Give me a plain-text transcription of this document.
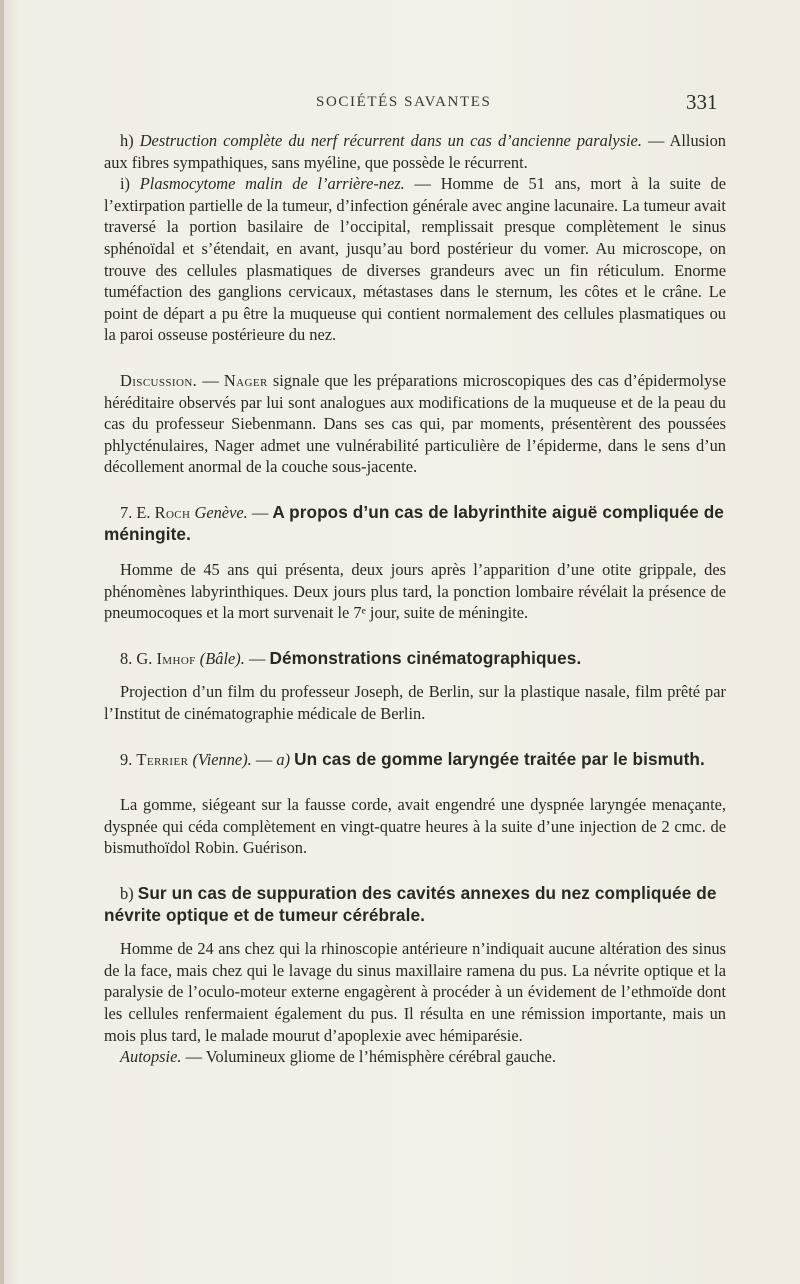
SOCIÉTÉS SAVANTES	331

h) Destruction complète du nerf récurrent dans un cas d’ancienne paralysie. — Allusion aux fibres sympathiques, sans myéline, que possède le récurrent.

i) Plasmocytome malin de l’arrière-nez. — Homme de 51 ans, mort à la suite de l’extirpation partielle de la tumeur, d’infection générale avec angine lacunaire. La tumeur avait traversé la portion basilaire de l’occipital, remplissait presque complètement le sinus sphénoïdal et s’étendait, en avant, jusqu’au bord postérieur du vomer. Au microscope, on trouve des cellules plasmatiques de diverses grandeurs avec un fin réticulum. Enorme tuméfaction des ganglions cervicaux, métastases dans le sternum, les côtes et le crâne. Le point de départ a pu être la muqueuse qui contient normalement des cellules plasmatiques ou la paroi osseuse postérieure du nez.

Discussion. — Nager signale que les préparations microscopiques des cas d’épidermolyse héréditaire observés par lui sont analogues aux modifications de la muqueuse et de la peau du cas du professeur Siebenmann. Dans ses cas qui, par moments, présentèrent des poussées phlycténulaires, Nager admet une vulnérabilité particulière de l’épiderme, dans le sens d’un décollement anormal de la couche sous-jacente.

7. E. Roch Genève. — A propos d’un cas de labyrinthite aiguë compliquée de méningite.

Homme de 45 ans qui présenta, deux jours après l’apparition d’une otite grippale, des phénomènes labyrinthiques. Deux jours plus tard, la ponction lombaire révélait la présence de pneumocoques et la mort survenait le 7ᵉ jour, suite de méningite.

8. G. Imhof (Bâle). — Démonstrations cinématographiques.

Projection d’un film du professeur Joseph, de Berlin, sur la plastique nasale, film prêté par l’Institut de cinématographie médicale de Berlin.

9. Terrier (Vienne). — a) Un cas de gomme laryngée traitée par le bismuth.

La gomme, siégeant sur la fausse corde, avait engendré une dyspnée laryngée menaçante, dyspnée qui céda complètement en vingt-quatre heures à la suite d’une injection de 2 cmc. de bismuthoïdol Robin. Guérison.

b) Sur un cas de suppuration des cavités annexes du nez compliquée de névrite optique et de tumeur cérébrale.

Homme de 24 ans chez qui la rhinoscopie antérieure n’indiquait aucune altération des sinus de la face, mais chez qui le lavage du sinus maxillaire ramena du pus. La névrite optique et la paralysie de l’oculo-moteur externe engagèrent à procéder à un évidement de l’ethmoïde dont les cellules renfermaient également du pus. Il résulta en une rémission importante, mais un mois plus tard, le malade mourut d’apoplexie avec hémiparésie.

Autopsie. — Volumineux gliome de l’hémisphère cérébral gauche.
